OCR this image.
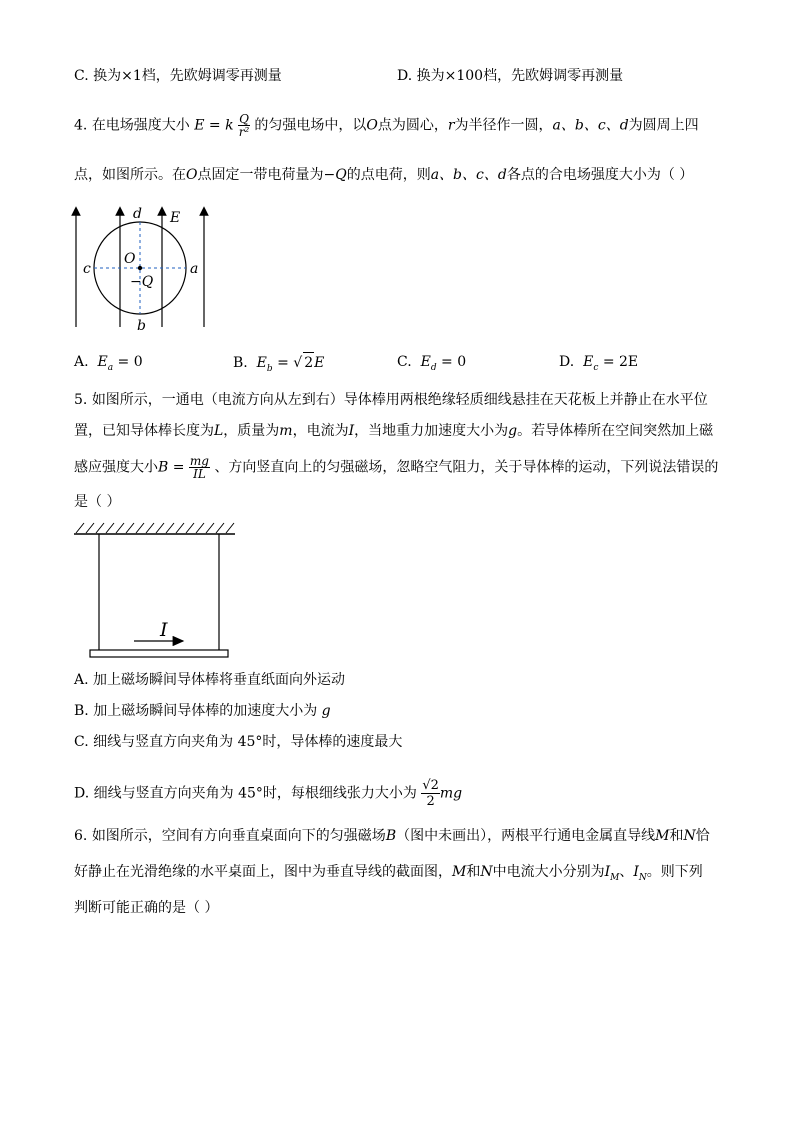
C. 换为×1档，先欧姆调零再测量	D. 换为×100档，先欧姆调零再测量
4. 在电场强度大小 E = k $\frac{Q}{\text{r²}}$ 的匀强电场中，以O点为圆心，r为半径作一圆，a、b、c、d为圆周上四
点，如图所示。在O点固定一带电荷量为−Q的点电荷，则a、b、c、d各点的合电场强度大小为（ ）
d E
c
O
a
−Q
b
A. $E_a = 0$	B. $E_b$ = √ 2E	C. $E_d = 0$	D. $E_c = 2E$
5. 如图所示，一通电（电流方向从左到右）导体棒用两根绝缘轻质细线悬挂在天花板上并静止在水平位
置，已知导体棒长度为L，质量为m，电流为I，当地重力加速度大小为g。若导体棒所在空间突然加上磁
感应强度大小$B = \frac{mg}{IL}$ 、方向竖直向上的匀强磁场，忽略空气阻力，关于导体棒的运动，下列说法错误的
是（ ）
I
A. 加上磁场瞬间导体棒将垂直纸面向外运动
B. 加上磁场瞬间导体棒的加速度大小为 g
C. 细线与竖直方向夹角为 45°时，导体棒的速度最大
D. 细线与竖直方向夹角为 45°时，每根细线张力大小为 $\frac{√2}{2}$ mg
6. 如图所示，空间有方向垂直桌面向下的匀强磁场B（图中未画出），两根平行通电金属直导线M和N恰
好静止在光滑绝缘的水平桌面上，图中为垂直导线的截面图，M和N中电流大小分别为$I_M$、$I_N$。则下列
判断可能正确的是（ ）
